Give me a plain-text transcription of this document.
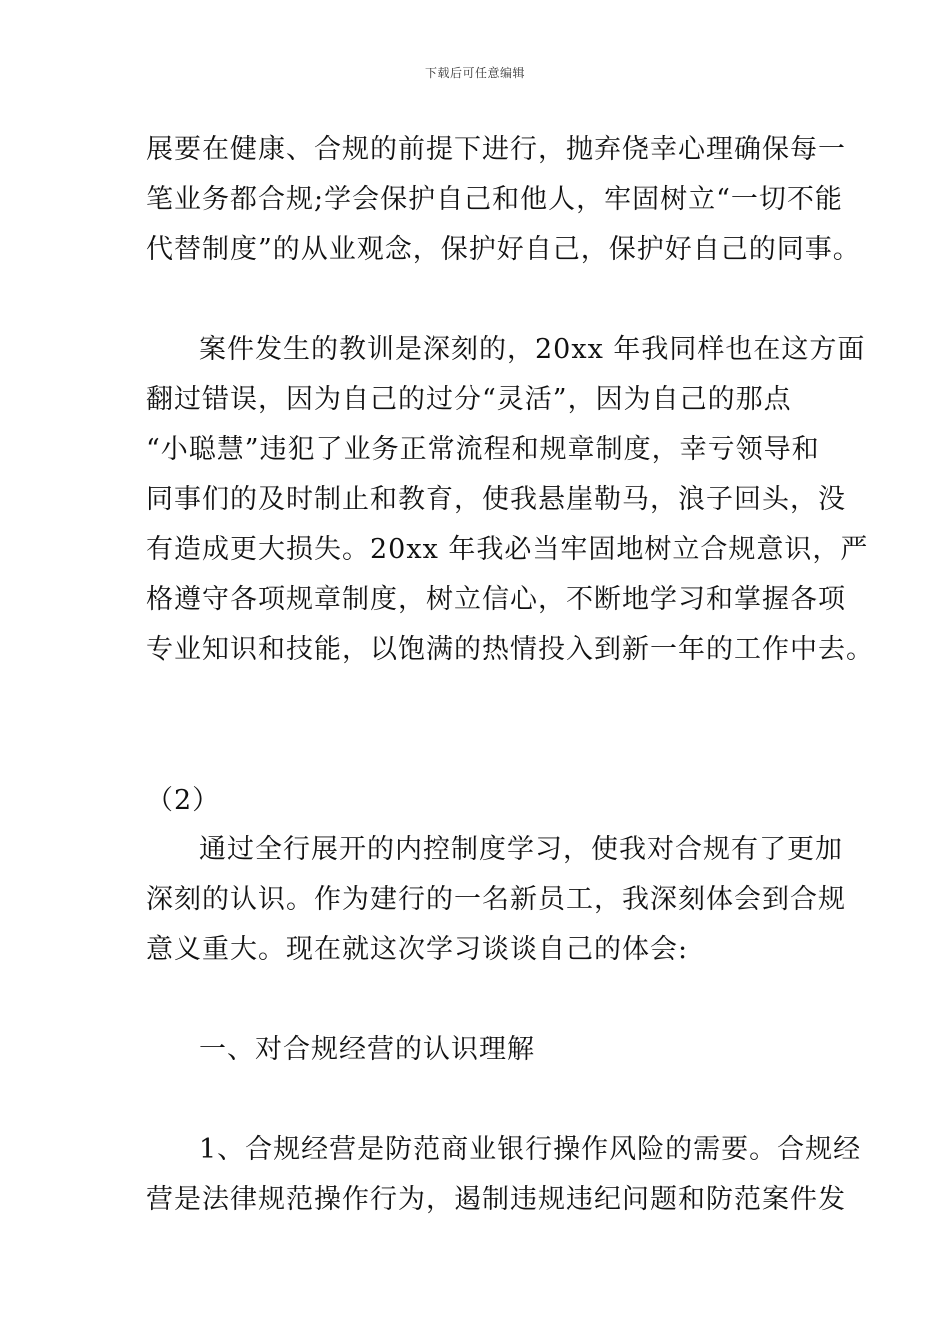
下载后可任意编辑
展要在健康、合规的前提下进行，抛弃侥幸心理确保每一
笔业务都合规;学会保护自己和他人，牢固树立“一切不能
代替制度”的从业观念，保护好自己，保护好自己的同事。
案件发生的教训是深刻的，20xx 年我同样也在这方面
翻过错误，因为自己的过分“灵活”，因为自己的那点
“小聪慧”违犯了业务正常流程和规章制度，幸亏领导和
同事们的及时制止和教育，使我悬崖勒马，浪子回头，没
有造成更大损失。20xx 年我必当牢固地树立合规意识，严
格遵守各项规章制度，树立信心，不断地学习和掌握各项
专业知识和技能，以饱满的热情投入到新一年的工作中去。
（2）
通过全行展开的内控制度学习，使我对合规有了更加
深刻的认识。作为建行的一名新员工，我深刻体会到合规
意义重大。现在就这次学习谈谈自己的体会:
一、对合规经营的认识理解
1、合规经营是防范商业银行操作风险的需要。合规经
营是法律规范操作行为，遏制违规违纪问题和防范案件发
